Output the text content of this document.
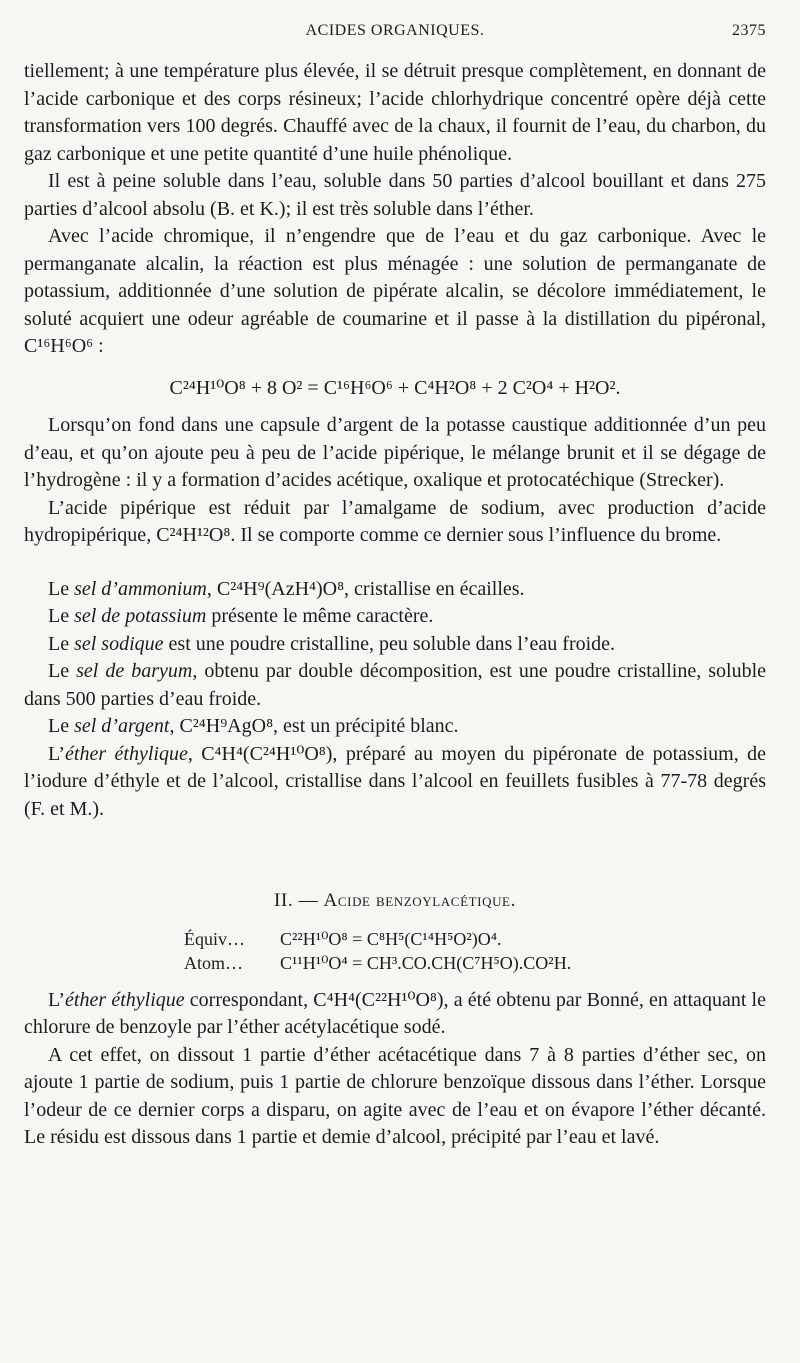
ACIDES ORGANIQUES.	2375

tiellement; à une température plus élevée, il se détruit presque complètement, en donnant de l’acide carbonique et des corps résineux; l’acide chlorhydrique concentré opère déjà cette transformation vers 100 degrés. Chauffé avec de la chaux, il fournit de l’eau, du charbon, du gaz carbonique et une petite quantité d’une huile phénolique.

Il est à peine soluble dans l’eau, soluble dans 50 parties d’alcool bouillant et dans 275 parties d’alcool absolu (B. et K.); il est très soluble dans l’éther.

Avec l’acide chromique, il n’engendre que de l’eau et du gaz carbonique. Avec le permanganate alcalin, la réaction est plus ménagée : une solution de permanganate de potassium, additionnée d’une solution de pipérate alcalin, se décolore immédiatement, le soluté acquiert une odeur agréable de coumarine et il passe à la distillation du pipéronal, C¹⁶H⁶O⁶ :

C²⁴H¹⁰O⁸ + 8 O² = C¹⁶H⁶O⁶ + C⁴H²O⁸ + 2 C²O⁴ + H²O².

Lorsqu’on fond dans une capsule d’argent de la potasse caustique additionnée d’un peu d’eau, et qu’on ajoute peu à peu de l’acide pipérique, le mélange brunit et il se dégage de l’hydrogène : il y a formation d’acides acétique, oxalique et protocatéchique (Strecker).

L’acide pipérique est réduit par l’amalgame de sodium, avec production d’acide hydropipérique, C²⁴H¹²O⁸. Il se comporte comme ce dernier sous l’influence du brome.

Le sel d’ammonium, C²⁴H⁹(AzH⁴)O⁸, cristallise en écailles.

Le sel de potassium présente le même caractère.

Le sel sodique est une poudre cristalline, peu soluble dans l’eau froide.

Le sel de baryum, obtenu par double décomposition, est une poudre cristalline, soluble dans 500 parties d’eau froide.

Le sel d’argent, C²⁴H⁹AgO⁸, est un précipité blanc.

L’éther éthylique, C⁴H⁴(C²⁴H¹⁰O⁸), préparé au moyen du pipéronate de potassium, de l’iodure d’éthyle et de l’alcool, cristallise dans l’alcool en feuillets fusibles à 77-78 degrés (F. et M.).

II. — Acide benzoylacétique.
Équiv… C²²H¹⁰O⁸ = C⁸H⁵(C¹⁴H⁵O²)O⁴.
Atom… C¹¹H¹⁰O⁴ = CH³.CO.CH(C⁷H⁵O).CO²H.

L’éther éthylique correspondant, C⁴H⁴(C²²H¹⁰O⁸), a été obtenu par Bonné, en attaquant le chlorure de benzoyle par l’éther acétylacétique sodé.

A cet effet, on dissout 1 partie d’éther acétacétique dans 7 à 8 parties d’éther sec, on ajoute 1 partie de sodium, puis 1 partie de chlorure benzoïque dissous dans l’éther. Lorsque l’odeur de ce dernier corps a disparu, on agite avec de l’eau et on évapore l’éther décanté. Le résidu est dissous dans 1 partie et demie d’alcool, précipité par l’eau et lavé.
